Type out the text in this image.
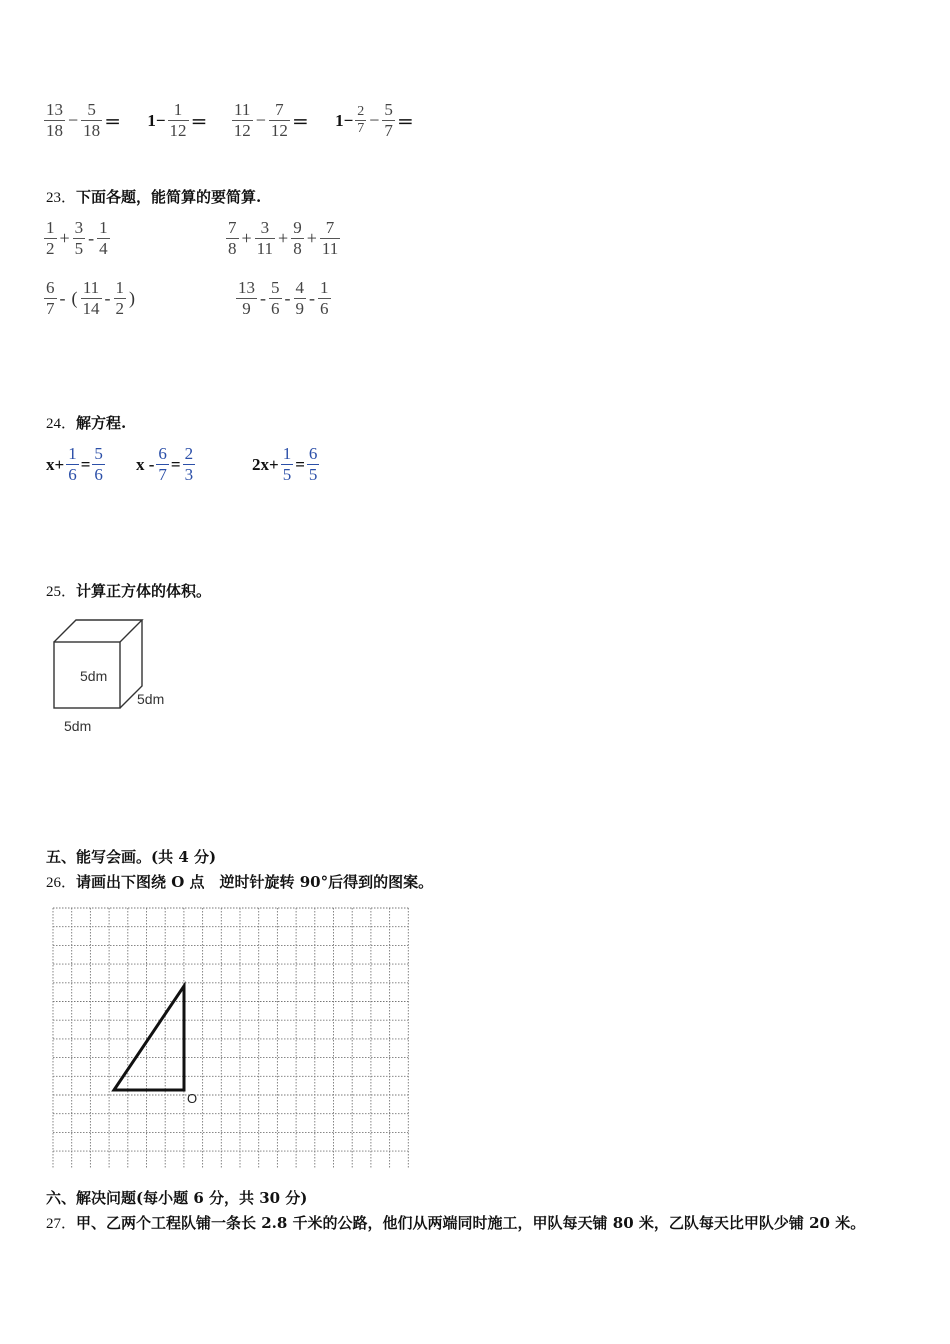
$\frac{13}{18} - \frac{5}{18} = 1- \frac{1}{12} = \frac{11}{12} - \frac{7}{12} = 1- \frac{2}{7} - \frac{5}{7}$ ＝
23．下面各题，能简算的要简算.
$\frac{1}{2} + \frac{3}{5} - \frac{1}{4}$	$\frac{7}{8} + \frac{3}{11} + \frac{9}{8} + \frac{7}{11}$
$\frac{6}{7}$ - ( $\frac{11}{14} - \frac{1}{2}$ )	$\frac{13}{9} - \frac{5}{6} - \frac{4}{9} - \frac{1}{6}$
24．解方程.
$x+ \frac{1}{6} = \frac{5}{6}$ $x - \frac{6}{7} = \frac{2}{3}$	$2x+ \frac{1}{5} = \frac{6}{5}$
25．计算正方体的体积。
5dm
5dm
5dm
五、能写会画。(共 4 分)
26．请画出下图绕 O 点　逆时针旋转 90°后得到的图案。
O
六、解决问题(每小题 6 分，共 30 分)
27．甲、乙两个工程队铺一条长 2.8 千米的公路，他们从两端同时施工，甲队每天铺 80 米，乙队每天比甲队少铺 20 米。
